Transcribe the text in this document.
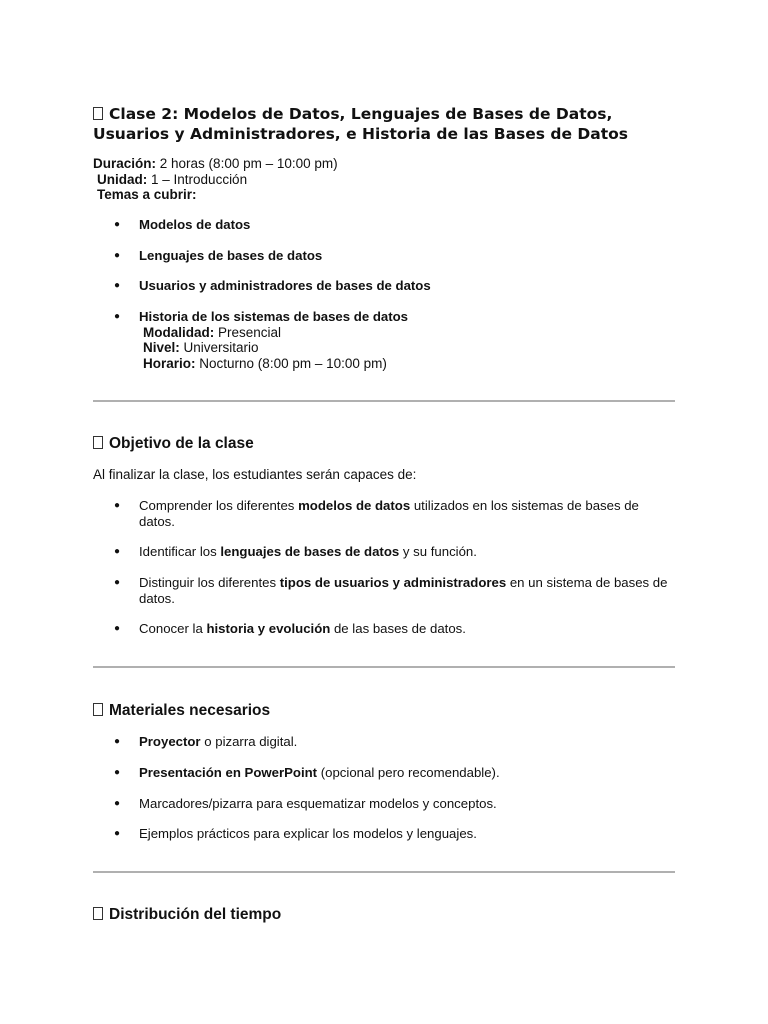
Clase 2: Modelos de Datos, Lenguajes de Bases de Datos, Usuarios y Administradores, e Historia de las Bases de Datos
Duración: 2 horas (8:00 pm – 10:00 pm)
Unidad: 1 – Introducción
Temas a cubrir:
● Modelos de datos
● Lenguajes de bases de datos
● Usuarios y administradores de bases de datos
● Historia de los sistemas de bases de datos
Modalidad: Presencial
Nivel: Universitario
Horario: Nocturno (8:00 pm – 10:00 pm)
Objetivo de la clase
Al finalizar la clase, los estudiantes serán capaces de:
● Comprender los diferentes modelos de datos utilizados en los sistemas de bases de datos.
● Identificar los lenguajes de bases de datos y su función.
● Distinguir los diferentes tipos de usuarios y administradores en un sistema de bases de datos.
● Conocer la historia y evolución de las bases de datos.
Materiales necesarios
● Proyector o pizarra digital.
● Presentación en PowerPoint (opcional pero recomendable).
● Marcadores/pizarra para esquematizar modelos y conceptos.
● Ejemplos prácticos para explicar los modelos y lenguajes.
Distribución del tiempo
